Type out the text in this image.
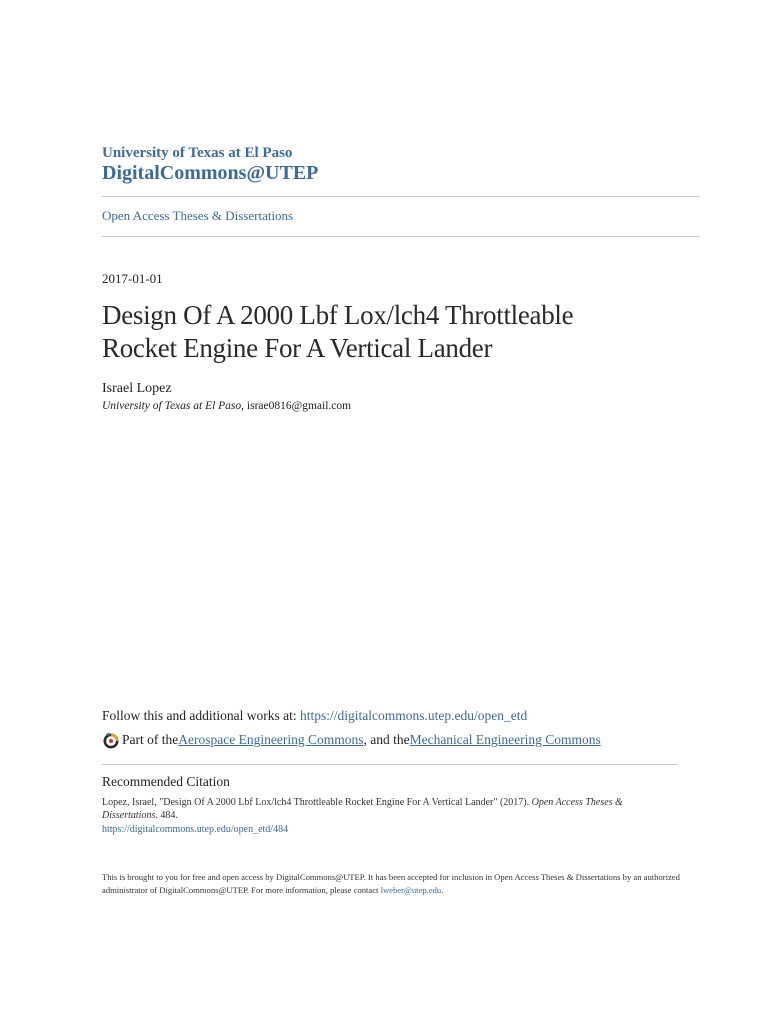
University of Texas at El Paso
DigitalCommons@UTEP
Open Access Theses & Dissertations
2017-01-01
Design Of A 2000 Lbf Lox/lch4 Throttleable
Rocket Engine For A Vertical Lander
Israel Lopez
University of Texas at El Paso, israe0816@gmail.com
Follow this and additional works at: https://digitalcommons.utep.edu/open_etd
Part of the Aerospace Engineering Commons , and the Mechanical Engineering Commons
Recommended Citation
Lopez, Israel, "Design Of A 2000 Lbf Lox/lch4 Throttleable Rocket Engine For A Vertical Lander" (2017). Open Access Theses & Dissertations. 484.
https://digitalcommons.utep.edu/open_etd/484
This is brought to you for free and open access by DigitalCommons@UTEP. It has been accepted for inclusion in Open Access Theses & Dissertations by an authorized administrator of DigitalCommons@UTEP. For more information, please contact lweber@utep.edu.
